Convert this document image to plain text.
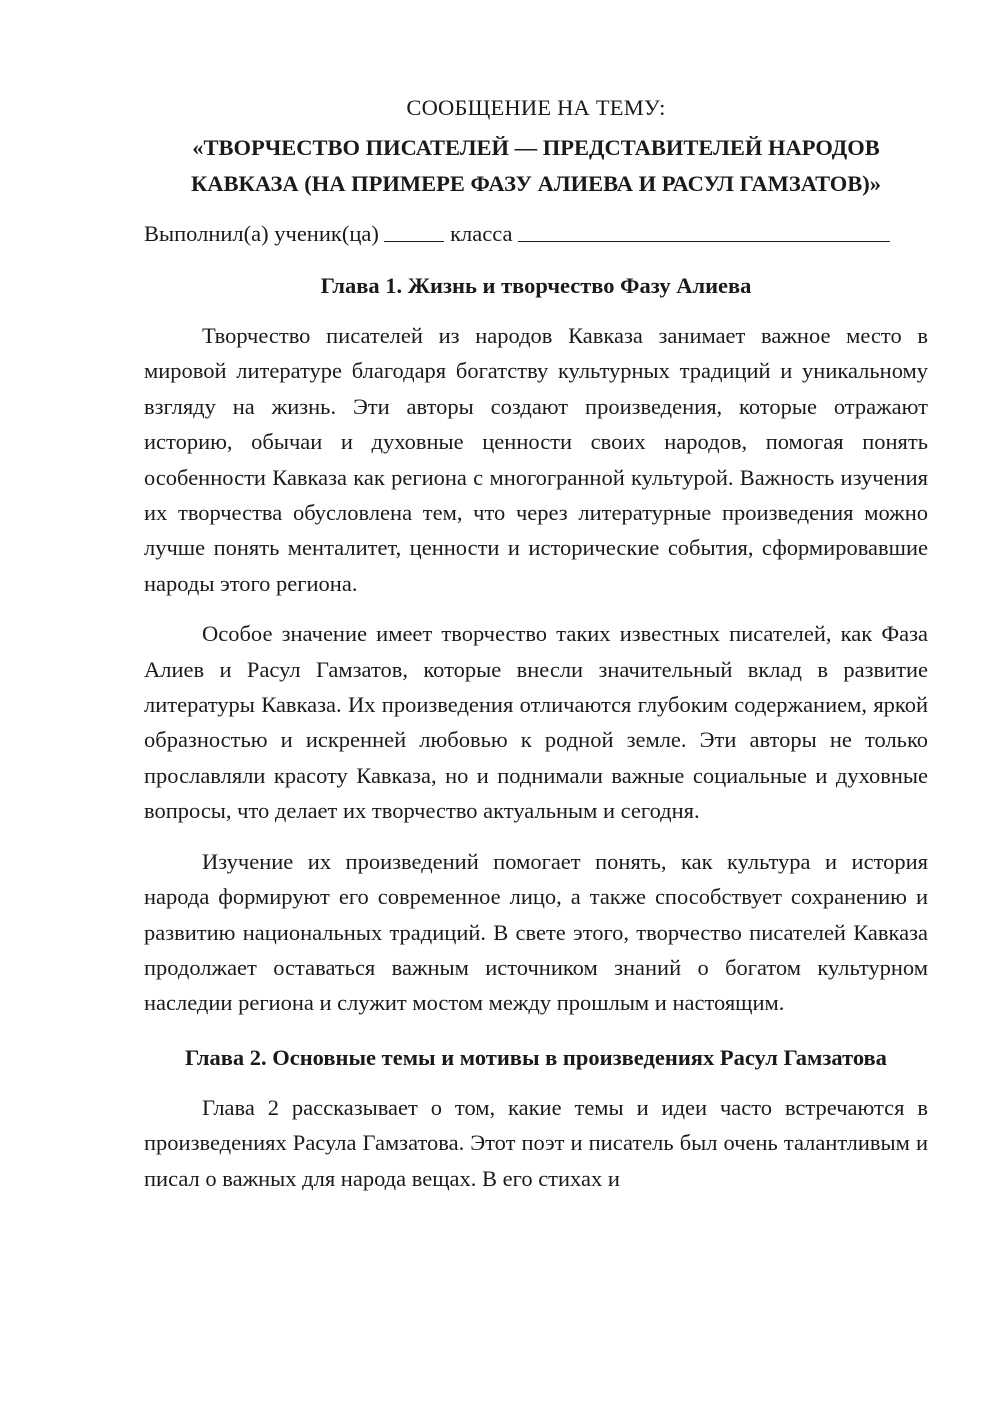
СООБЩЕНИЕ НА ТЕМУ:
«ТВОРЧЕСТВО ПИСАТЕЛЕЙ — ПРЕДСТАВИТЕЛЕЙ НАРОДОВ КАВКАЗА (НА ПРИМЕРЕ ФАЗУ АЛИЕВА И РАСУЛ ГАМЗАТОВ)»
Выполнил(а) ученик(ца)	класса
Глава 1. Жизнь и творчество Фазу Алиева

Творчество писателей из народов Кавказа занимает важное место в мировой литературе благодаря богатству культурных традиций и уникальному взгляду на жизнь. Эти авторы создают произведения, которые отражают историю, обычаи и духовные ценности своих народов, помогая понять особенности Кавказа как региона с многогранной культурой. Важность изучения их творчества обусловлена тем, что через литературные произведения можно лучше понять менталитет, ценности и исторические события, сформировавшие народы этого региона.

Особое значение имеет творчество таких известных писателей, как Фаза Алиев и Расул Гамзатов, которые внесли значительный вклад в развитие литературы Кавказа. Их произведения отличаются глубоким содержанием, яркой образностью и искренней любовью к родной земле. Эти авторы не только прославляли красоту Кавказа, но и поднимали важные социальные и духовные вопросы, что делает их творчество актуальным и сегодня.

Изучение их произведений помогает понять, как культура и история народа формируют его современное лицо, а также способствует сохранению и развитию национальных традиций. В свете этого, творчество писателей Кавказа продолжает оставаться важным источником знаний о богатом культурном наследии региона и служит мостом между прошлым и настоящим.

Глава 2. Основные темы и мотивы в произведениях Расул Гамзатова

Глава 2 рассказывает о том, какие темы и идеи часто встречаются в произведениях Расула Гамзатова. Этот поэт и писатель был очень талантливым и писал о важных для народа вещах. В его стихах и
